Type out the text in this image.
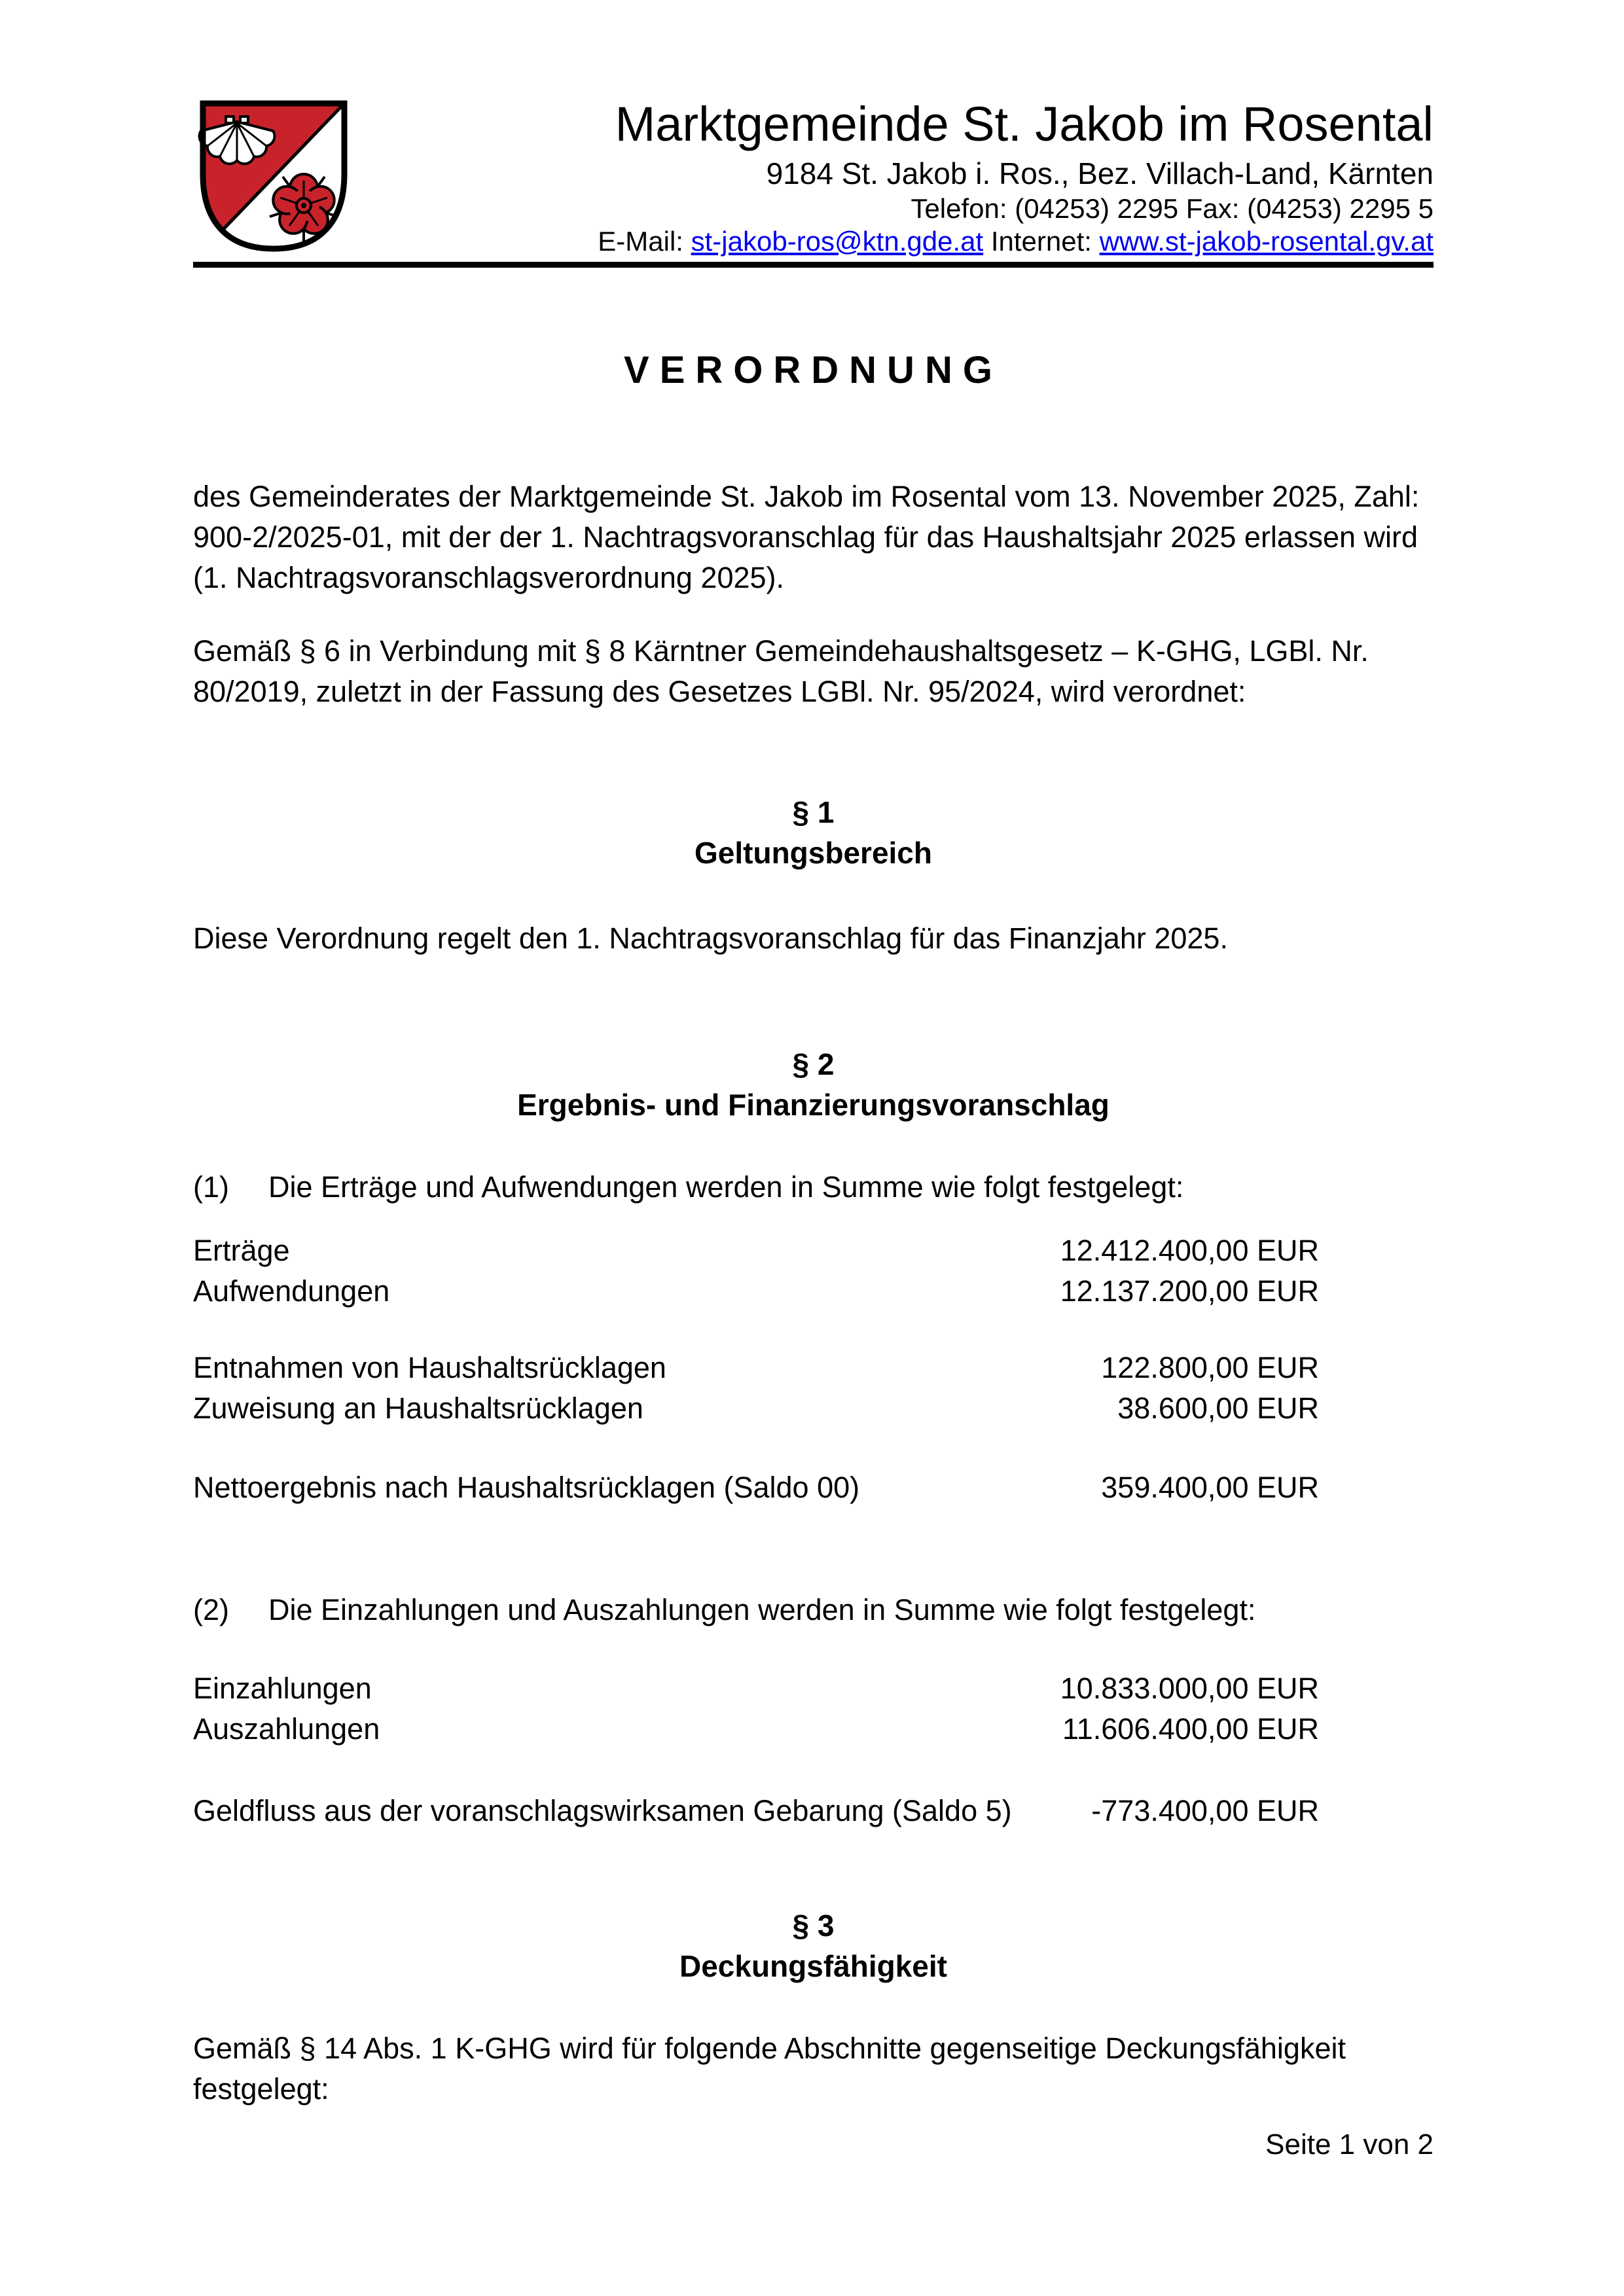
Marktgemeinde St. Jakob im Rosental
9184 St. Jakob i. Ros., Bez. Villach-Land, Kärnten
Telefon: (04253) 2295 Fax: (04253) 2295 5
E-Mail: st-jakob-ros@ktn.gde.at Internet: www.st-jakob-rosental.gv.at
VERORDNUNG
des Gemeinderates der Marktgemeinde St. Jakob im Rosental vom 13. November 2025, Zahl:
900-2/2025-01, mit der der 1. Nachtragsvoranschlag für das Haushaltsjahr 2025 erlassen wird
(1. Nachtragsvoranschlagsverordnung 2025).
Gemäß § 6 in Verbindung mit § 8 Kärntner Gemeindehaushaltsgesetz – K-GHG, LGBl. Nr.
80/2019, zuletzt in der Fassung des Gesetzes LGBl. Nr. 95/2024, wird verordnet:
§ 1
Geltungsbereich
Diese Verordnung regelt den 1. Nachtragsvoranschlag für das Finanzjahr 2025.
§ 2
Ergebnis- und Finanzierungsvoranschlag
(1)	Die Erträge und Aufwendungen werden in Summe wie folgt festgelegt:
Erträge	12.412.400,00 EUR
Aufwendungen	12.137.200,00 EUR
Entnahmen von Haushaltsrücklagen	122.800,00 EUR
Zuweisung an Haushaltsrücklagen	38.600,00 EUR
Nettoergebnis nach Haushaltsrücklagen (Saldo 00)	359.400,00 EUR
(2)	Die Einzahlungen und Auszahlungen werden in Summe wie folgt festgelegt:
Einzahlungen	10.833.000,00 EUR
Auszahlungen	11.606.400,00 EUR
Geldfluss aus der voranschlagswirksamen Gebarung (Saldo 5)	-773.400,00 EUR
§ 3
Deckungsfähigkeit
Gemäß § 14 Abs. 1 K-GHG wird für folgende Abschnitte gegenseitige Deckungsfähigkeit
festgelegt:
Seite 1 von 2
